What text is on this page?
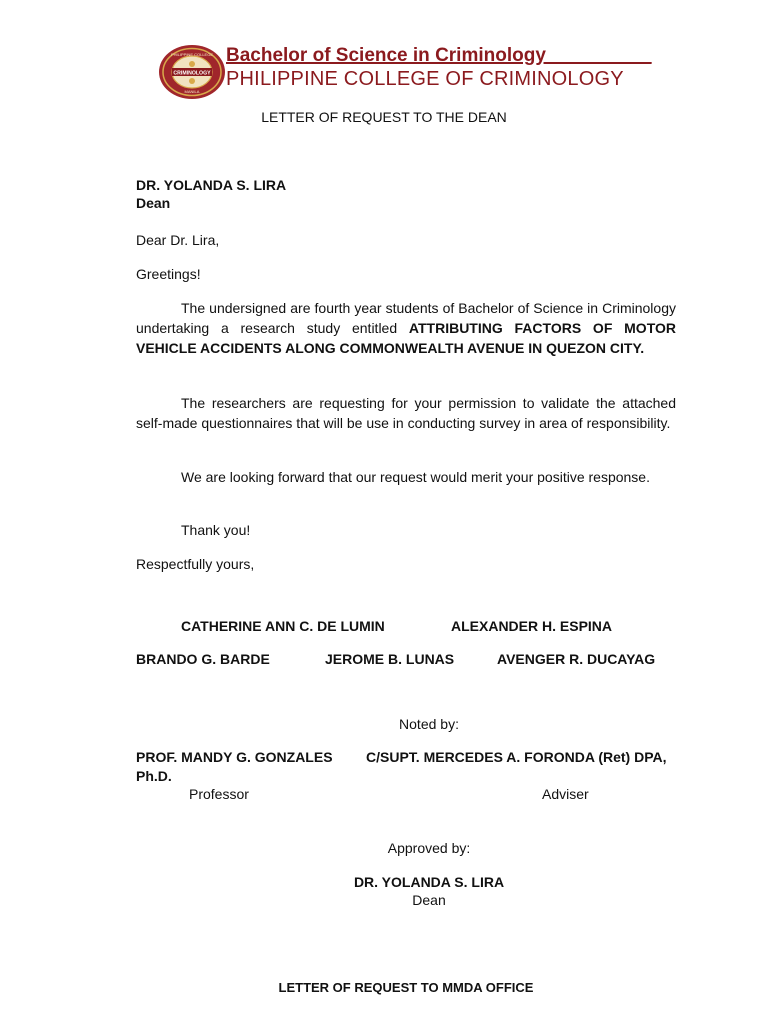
CRIMINOLOGY
PHILIPPINE COLLEGE
MANILA
Bachelor of Science in Criminology__________
PHILIPPINE COLLEGE OF CRIMINOLOGY
LETTER OF REQUEST TO THE DEAN
DR. YOLANDA S. LIRA
Dean
Dear Dr. Lira,
Greetings!
The undersigned are fourth year students of Bachelor of Science in Criminology undertaking a research study entitled ATTRIBUTING FACTORS OF MOTOR VEHICLE ACCIDENTS ALONG COMMONWEALTH AVENUE IN QUEZON CITY.
The researchers are requesting for your permission to validate the attached self-made questionnaires that will be use in conducting survey in area of responsibility.
We are looking forward that our request would merit your positive response.
Thank you!
Respectfully yours,
CATHERINE ANN C. DE LUMIN	ALEXANDER H. ESPINA
BRANDO G. BARDE	JEROME B. LUNAS	AVENGER R. DUCAYAG
Noted by:
PROF. MANDY G. GONZALES C/SUPT. MERCEDES A. FORONDA (Ret) DPA,
Ph.D.
Professor	Adviser
Approved by:
DR. YOLANDA S. LIRA
Dean
LETTER OF REQUEST TO MMDA OFFICE
